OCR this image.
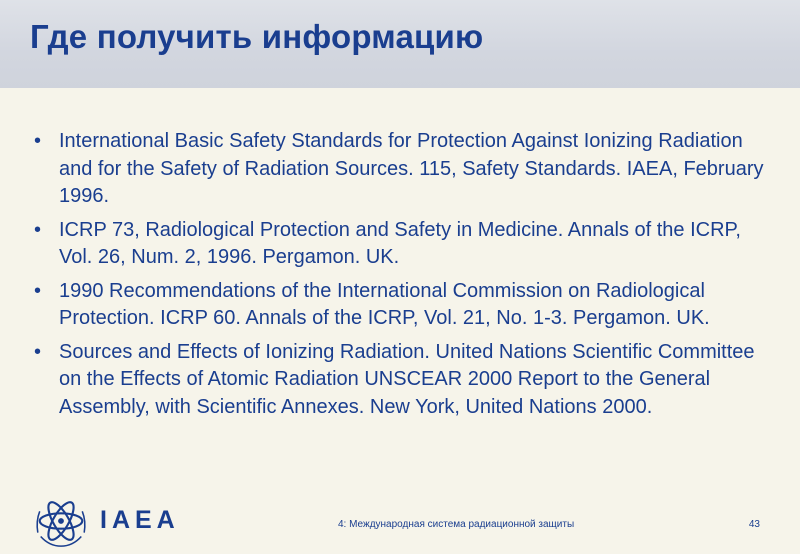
Где получить информацию
• International Basic Safety Standards for Protection Against Ionizing Radiation and for the Safety of Radiation Sources. 115, Safety Standards. IAEA, February 1996.
• ICRP 73, Radiological Protection and Safety in Medicine. Annals of the ICRP, Vol. 26, Num. 2, 1996. Pergamon. UK.
• 1990 Recommendations of the International Commission on Radiological Protection. ICRP 60. Annals of the ICRP, Vol. 21, No. 1-3. Pergamon. UK.
• Sources and Effects of Ionizing Radiation. United Nations Scientific Committee on the Effects of Atomic Radiation UNSCEAR 2000 Report to the General Assembly, with Scientific Annexes. New York, United Nations 2000.
IAEA	4: Международная система радиационной защиты	43
